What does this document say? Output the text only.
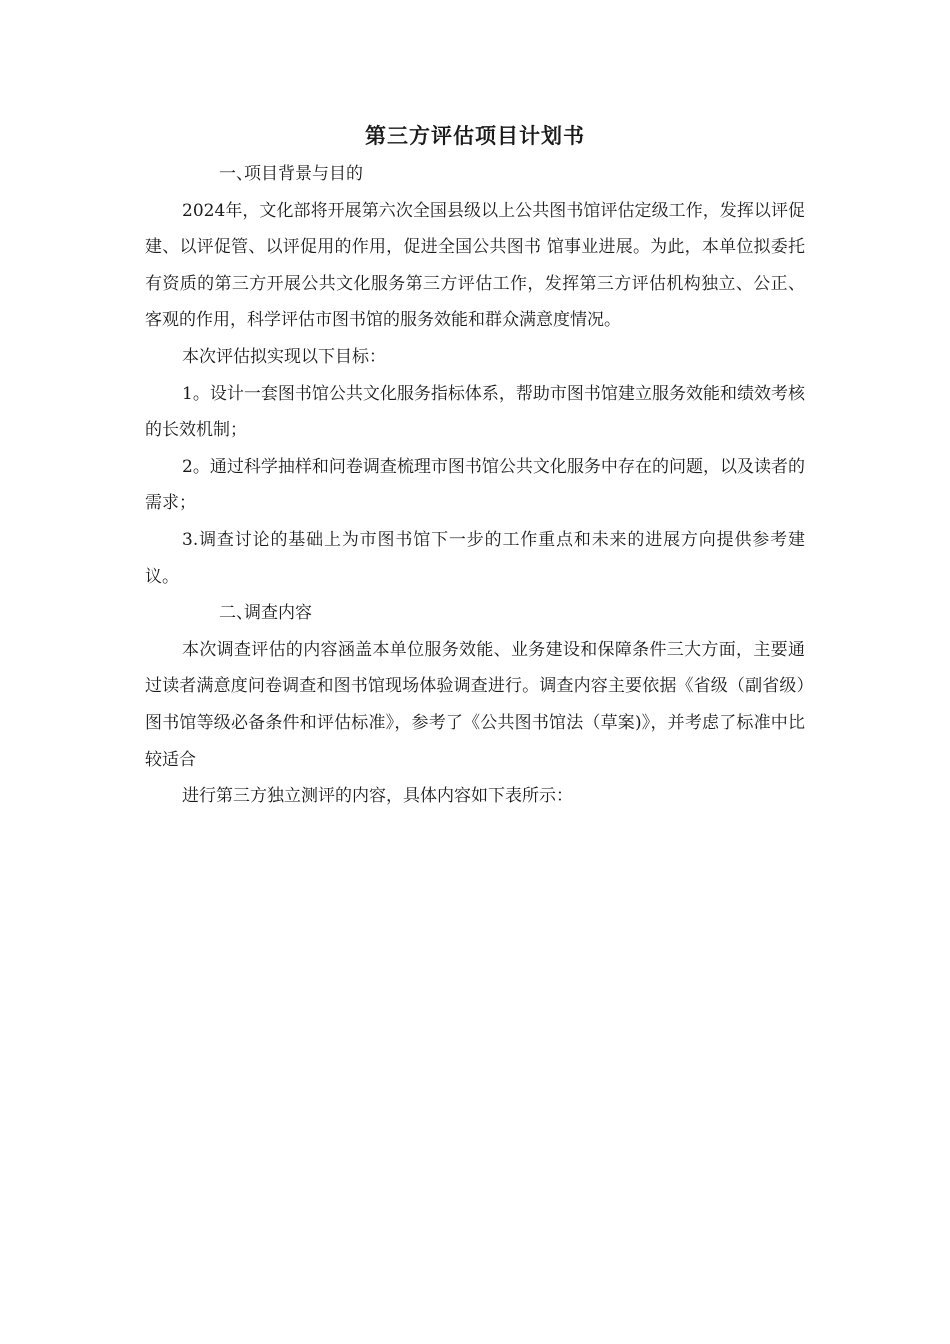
第三方评估项目计划书

一、项目背景与目的

2024年，文化部将开展第六次全国县级以上公共图书馆评估定级工作，发挥以评促建、以评促管、以评促用的作用，促进全国公共图书 馆事业进展。为此，本单位拟委托有资质的第三方开展公共文化服务第三方评估工作，发挥第三方评估机构独立、公正、客观的作用，科学评估市图书馆的服务效能和群众满意度情况。

本次评估拟实现以下目标：

1。设计一套图书馆公共文化服务指标体系，帮助市图书馆建立服务效能和绩效考核的长效机制；

2。通过科学抽样和问卷调查梳理市图书馆公共文化服务中存在的问题，以及读者的需求；

3.调查讨论的基础上为市图书馆下一步的工作重点和未来的进展方向提供参考建议。

二、调查内容

本次调查评估的内容涵盖本单位服务效能、业务建设和保障条件三大方面，主要通过读者满意度问卷调查和图书馆现场体验调查进行。调查内容主要依据《省级（副省级）图书馆等级必备条件和评估标准》，参考了《公共图书馆法（草案)》，并考虑了标准中比较适合

进行第三方独立测评的内容，具体内容如下表所示：
